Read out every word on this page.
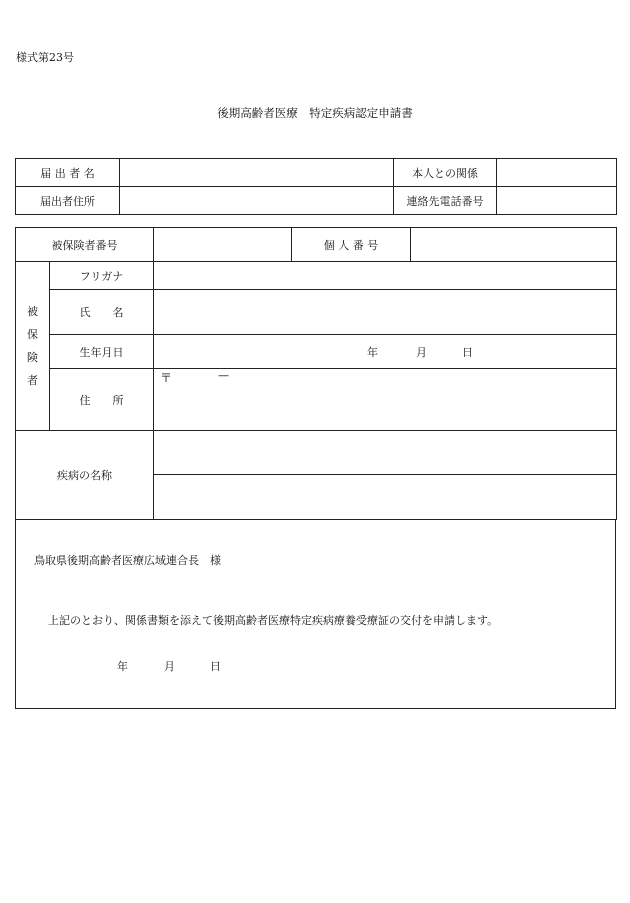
様式第23号
後期高齢者医療　特定疾病認定申請書
届 出 者 名		本人との関係	
届出者住所		連絡先電話番号	
被保険者番号			個 人 番 号	

被
保
険
者	フリガナ			
	氏　　名			
	生年月日	年 月 日		

	住　　所	〒 —		

疾病の名称				

鳥取県後期高齢者医療広域連合長　様
上記のとおり、関係書類を添えて後期高齢者医療特定疾病療養受療証の交付を申請します。
年	月	日
